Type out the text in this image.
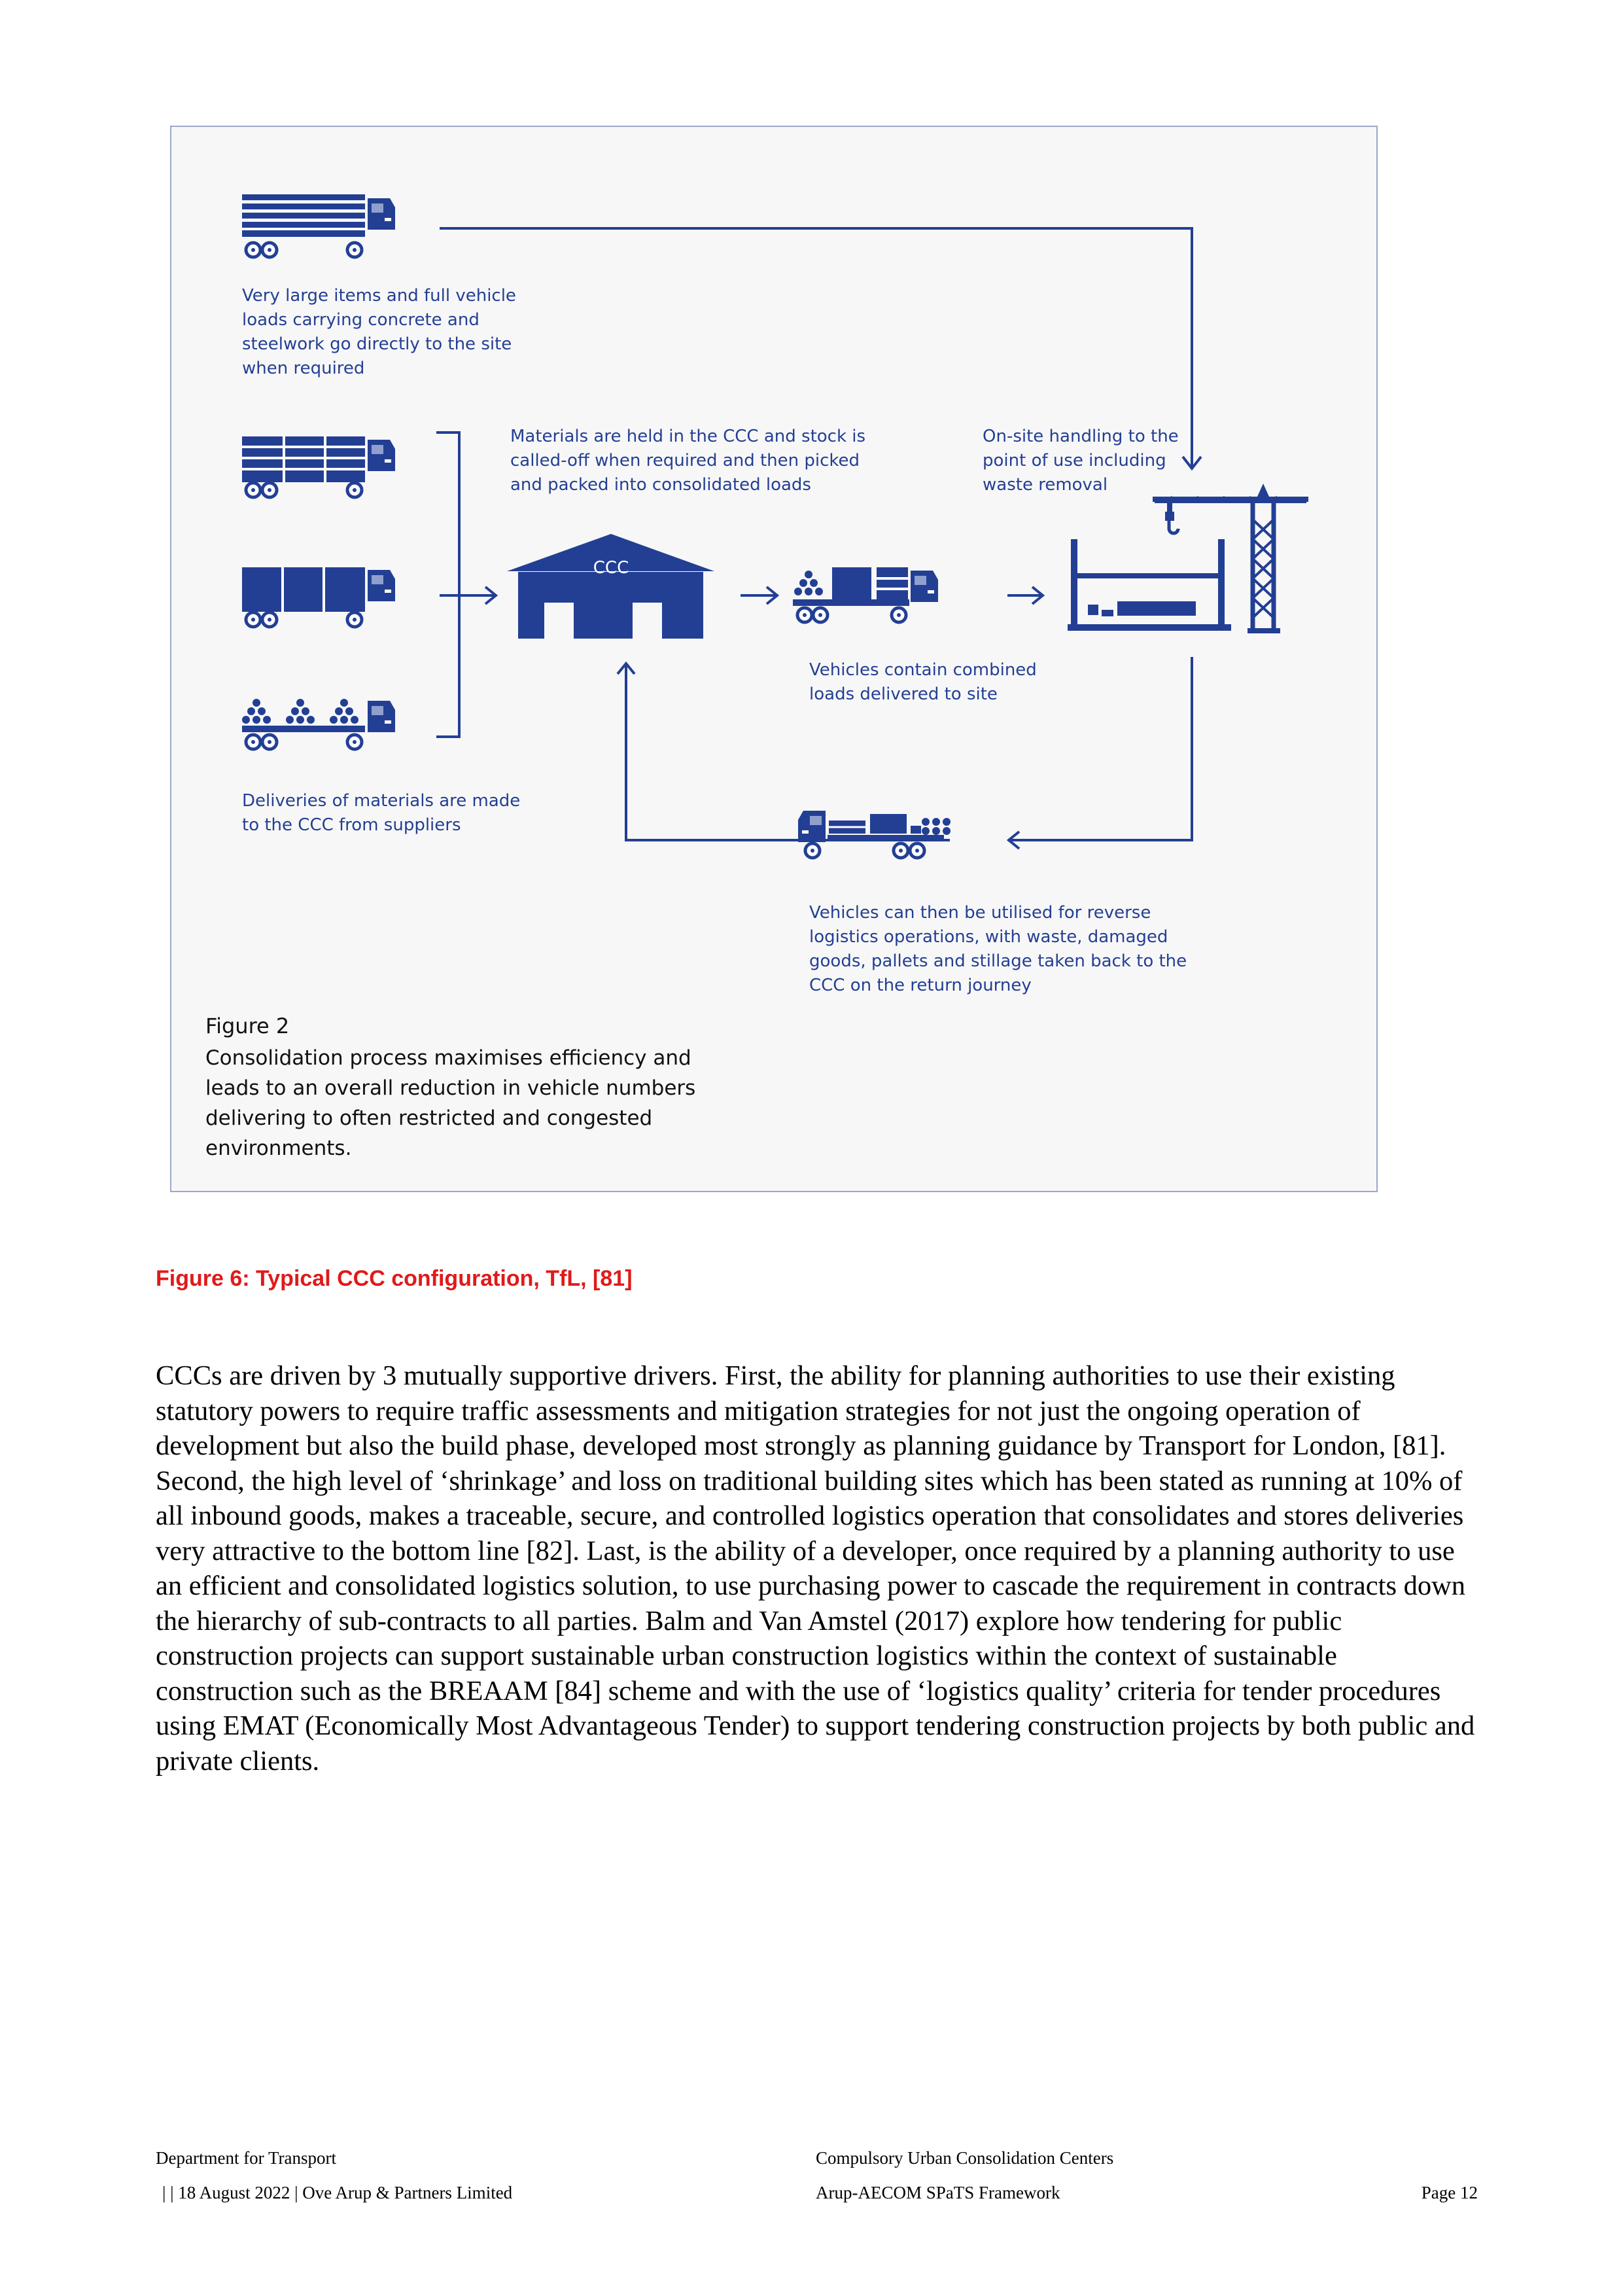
CCC
Very large items and full vehicle
loads carrying concrete and
steelwork go directly to the site
when required
Materials are held in the CCC and stock is
called-off when required and then picked
and packed into consolidated loads
On-site handling to the
point of use including
waste removal
Vehicles contain combined
loads delivered to site
Deliveries of materials are made
to the CCC from suppliers
Vehicles can then be utilised for reverse
logistics operations, with waste, damaged
goods, pallets and stillage taken back to the
CCC on the return journey
Figure 2
Consolidation process maximises efficiency and leads to an overall reduction in vehicle numbers delivering to often restricted and congested environments.
Figure 6: Typical CCC configuration, TfL, [81]
CCCs are driven by 3 mutually supportive drivers. First, the ability for planning authorities to use their existing statutory powers to require traffic assessments and mitigation strategies for not just the ongoing operation of development but also the build phase, developed most strongly as planning guidance by Transport for London, [81]. Second, the high level of ‘shrinkage’ and loss on traditional building sites which has been stated as running at 10% of all inbound goods, makes a traceable, secure, and controlled logistics operation that consolidates and stores deliveries very attractive to the bottom line [82]. Last, is the ability of a developer, once required by a planning authority to use an efficient and consolidated logistics solution, to use purchasing power to cascade the requirement in contracts down the hierarchy of sub-contracts to all parties. Balm and Van Amstel (2017) explore how tendering for public construction projects can support sustainable urban construction logistics within the context of sustainable construction such as the BREAAM [84] scheme and with the use of ‘logistics quality’ criteria for tender procedures using EMAT (Economically Most Advantageous Tender) to support tendering construction projects by both public and private clients.
Department for Transport
| | 18 August 2022 | Ove Arup & Partners Limited
Compulsory Urban Consolidation Centers
Arup-AECOM SPaTS Framework	Page 12
